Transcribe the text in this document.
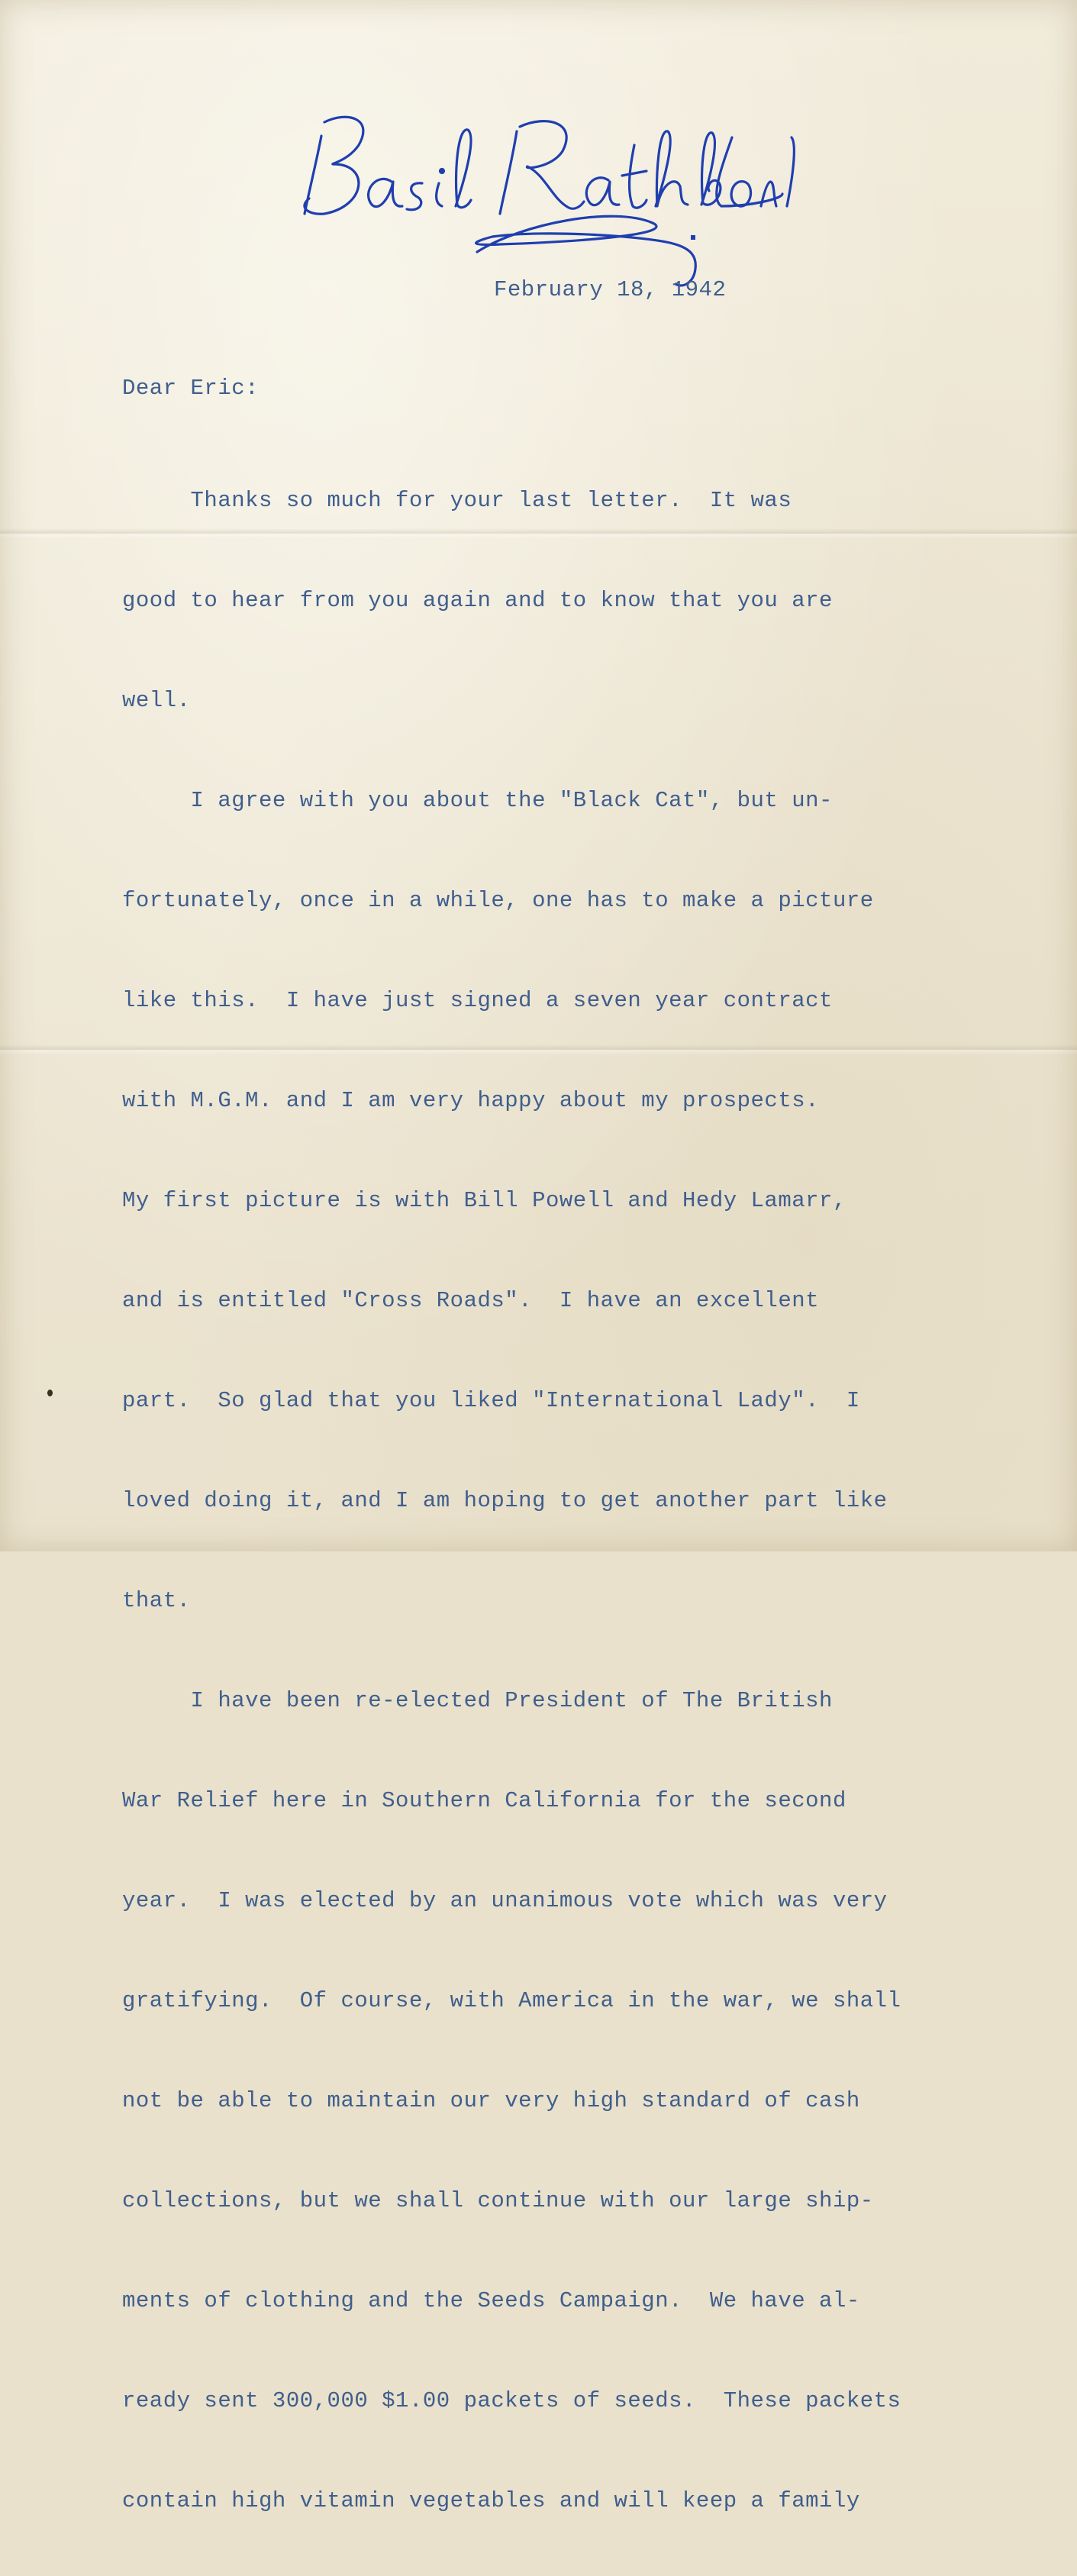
February 18, 1942
Dear Eric:

Thanks so much for your last letter.  It was

good to hear from you again and to know that you are

well.

I agree with you about the "Black Cat", but un-

fortunately, once in a while, one has to make a picture

like this.  I have just signed a seven year contract

with M.G.M. and I am very happy about my prospects.

My first picture is with Bill Powell and Hedy Lamarr,

and is entitled "Cross Roads".  I have an excellent

part.  So glad that you liked "International Lady".  I

loved doing it, and I am hoping to get another part like

that.

I have been re-elected President of The British

War Relief here in Southern California for the second

year.  I was elected by an unanimous vote which was very

gratifying.  Of course, with America in the war, we shall

not be able to maintain our very high standard of cash

collections, but we shall continue with our large ship-

ments of clothing and the Seeds Campaign.  We have al-

ready sent 300,000 $1.00 packets of seeds.  These packets

contain high vitamin vegetables and will keep a family
